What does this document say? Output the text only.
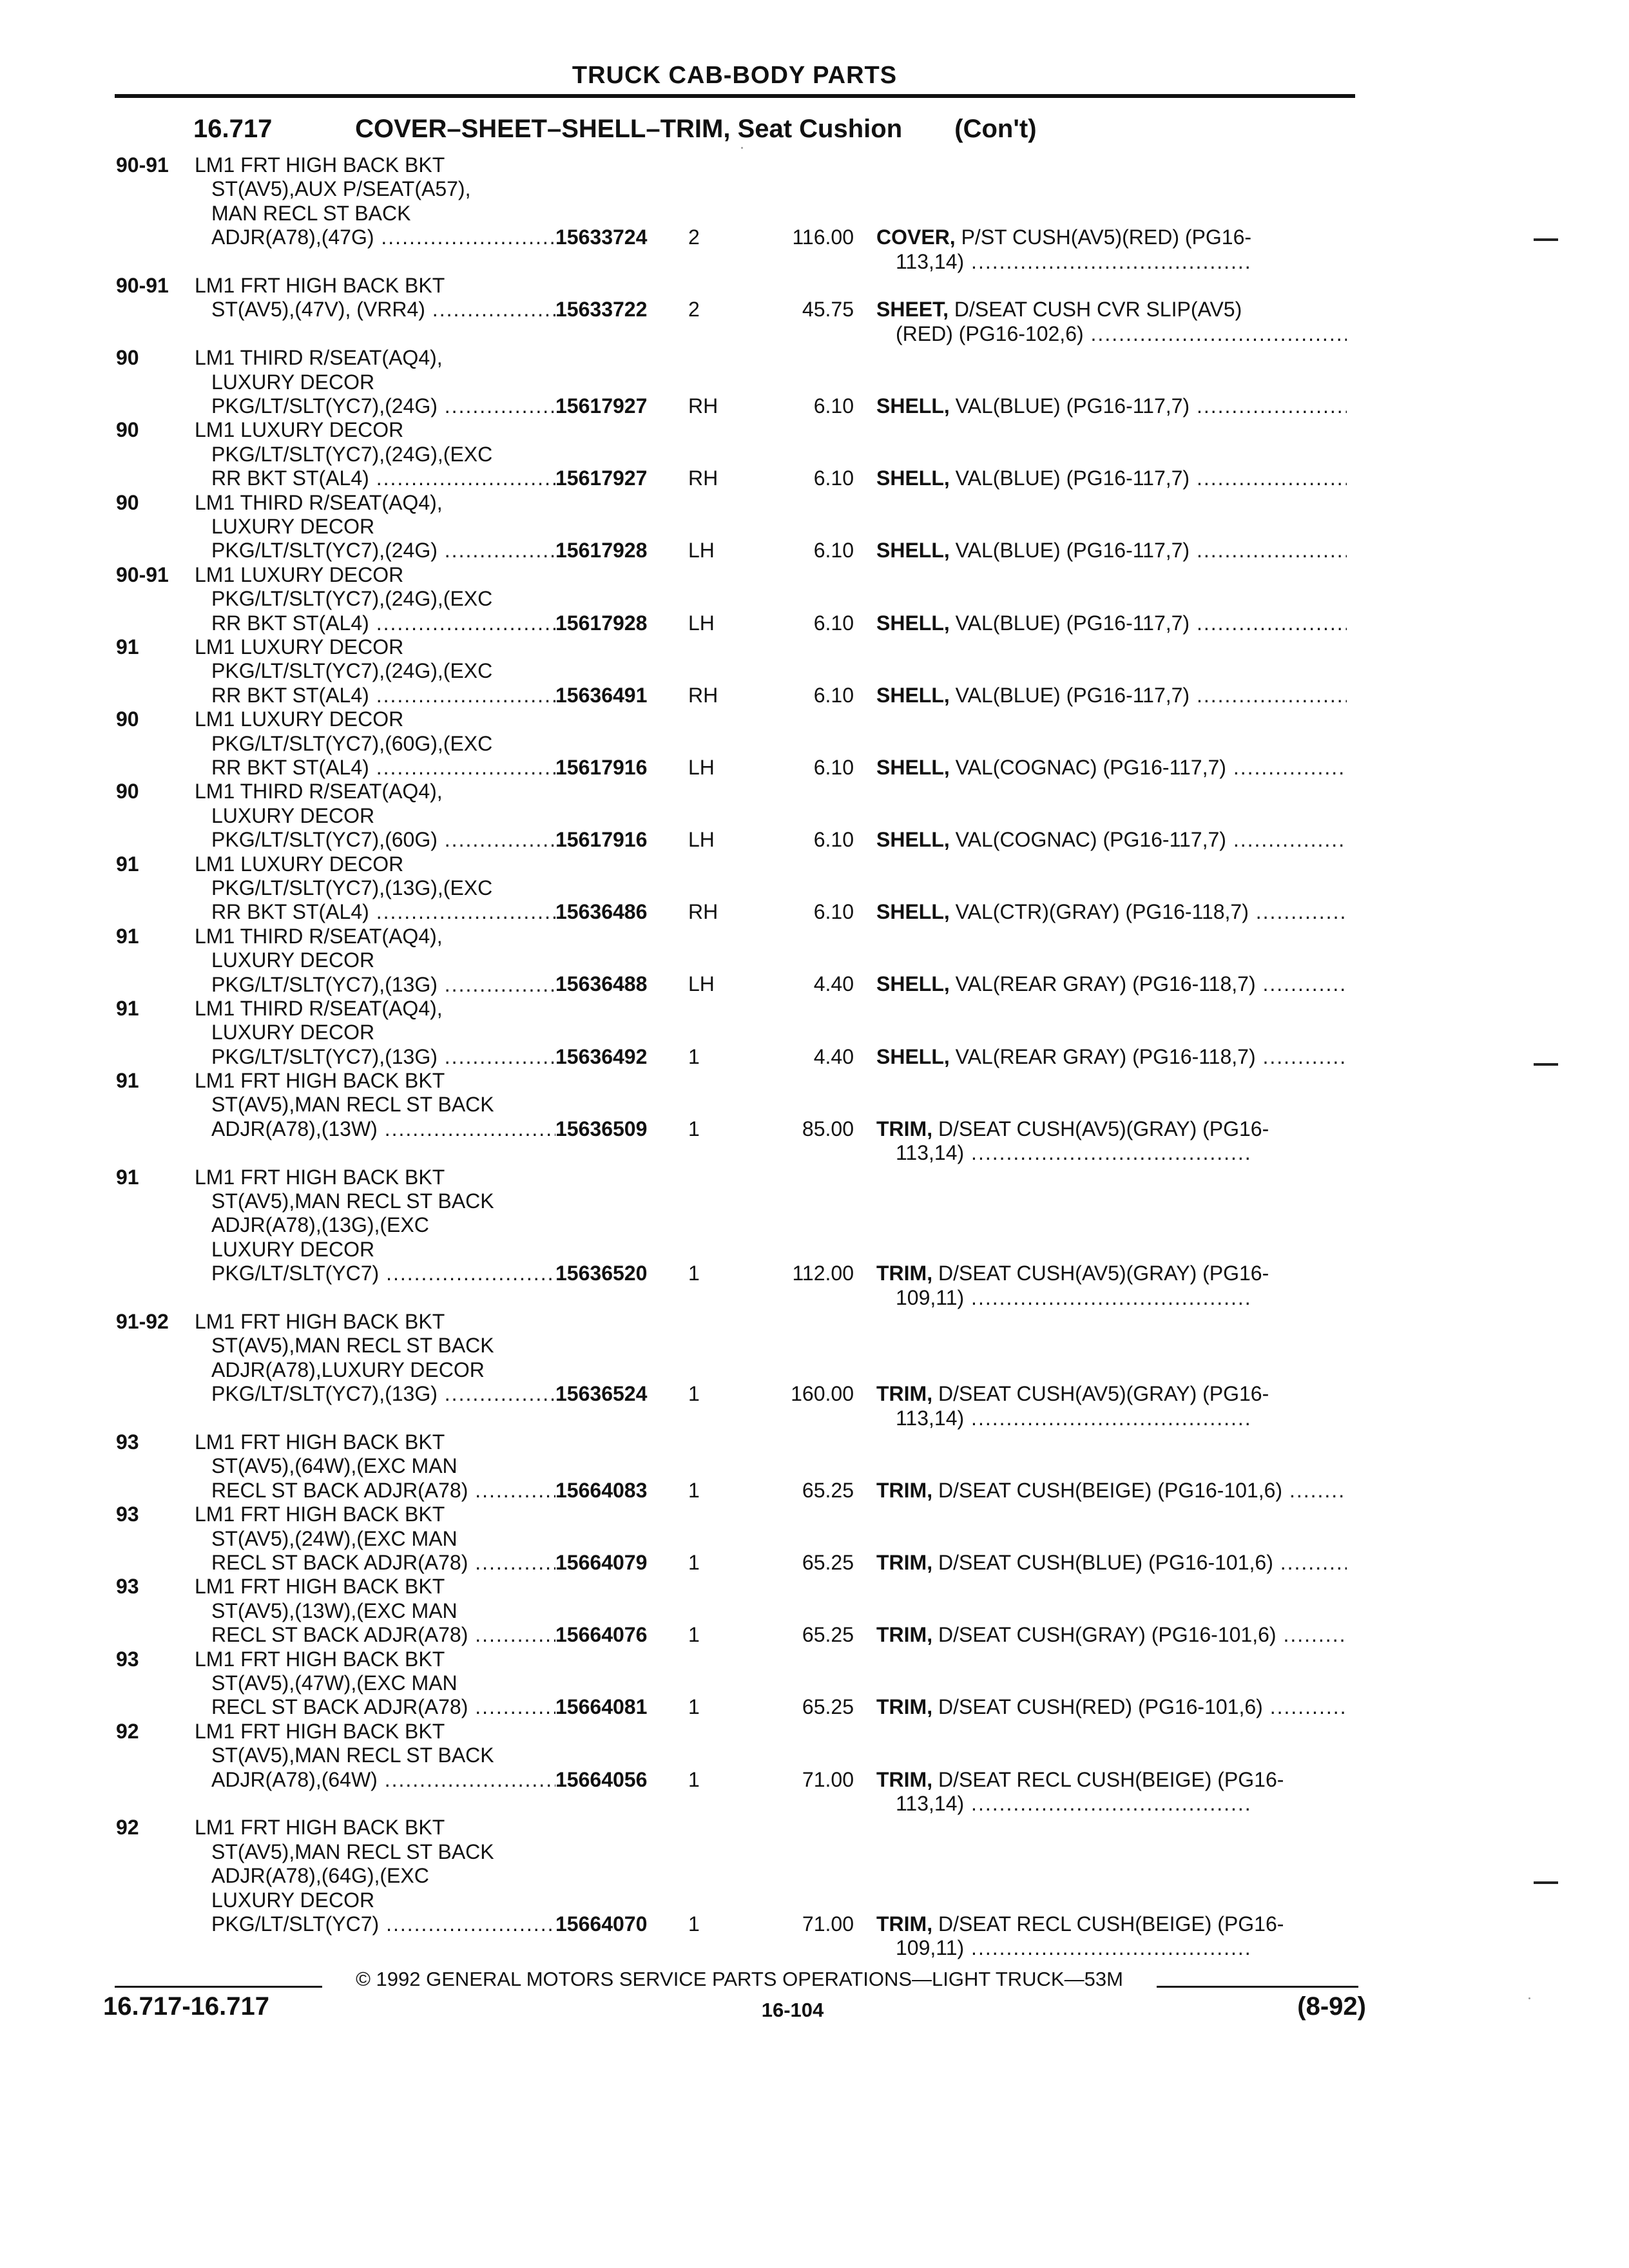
TRUCK CAB-BODY PARTS
16.717	COVER–SHEET–SHELL–TRIM, Seat Cushion (Con't)
90-91 LM1 FRT HIGH BACK BKT
ST(AV5),AUX P/SEAT(A57),
MAN RECL ST BACK
ADJR(A78),(47G) .....	15633724	2	116.00 COVER, P/ST CUSH(AV5)(RED) (PG16-
113,14) .....
90-91 LM1 FRT HIGH BACK BKT
ST(AV5),(47V), (VRR4) .....	15633722	2	45.75 SHEET, D/SEAT CUSH CVR SLIP(AV5)
(RED) (PG16-102,6) .....
90	LM1 THIRD R/SEAT(AQ4),
LUXURY DECOR
PKG/LT/SLT(YC7),(24G) .....	15617927	RH	6.10 SHELL, VAL(BLUE) (PG16-117,7) .....
90	LM1 LUXURY DECOR
PKG/LT/SLT(YC7),(24G),(EXC
RR BKT ST(AL4) .....	15617927	RH	6.10 SHELL, VAL(BLUE) (PG16-117,7) .....
90	LM1 THIRD R/SEAT(AQ4),
LUXURY DECOR
PKG/LT/SLT(YC7),(24G) .....	15617928	LH	6.10 SHELL, VAL(BLUE) (PG16-117,7) .....
90-91 LM1 LUXURY DECOR
PKG/LT/SLT(YC7),(24G),(EXC
RR BKT ST(AL4) .....	15617928	LH	6.10 SHELL, VAL(BLUE) (PG16-117,7) .....
91	LM1 LUXURY DECOR
PKG/LT/SLT(YC7),(24G),(EXC
RR BKT ST(AL4) .....	15636491	RH	6.10 SHELL, VAL(BLUE) (PG16-117,7) .....
90	LM1 LUXURY DECOR
PKG/LT/SLT(YC7),(60G),(EXC
RR BKT ST(AL4) .....	15617916	LH	6.10 SHELL, VAL(COGNAC) (PG16-117,7) .....
90	LM1 THIRD R/SEAT(AQ4),
LUXURY DECOR
PKG/LT/SLT(YC7),(60G) .....	15617916	LH	6.10 SHELL, VAL(COGNAC) (PG16-117,7) .....
91	LM1 LUXURY DECOR
PKG/LT/SLT(YC7),(13G),(EXC
RR BKT ST(AL4) .....	15636486	RH	6.10 SHELL, VAL(CTR)(GRAY) (PG16-118,7) .....
91	LM1 THIRD R/SEAT(AQ4),
LUXURY DECOR
PKG/LT/SLT(YC7),(13G) .....	15636488	LH	4.40 SHELL, VAL(REAR GRAY) (PG16-118,7) .....
91	LM1 THIRD R/SEAT(AQ4),
LUXURY DECOR
PKG/LT/SLT(YC7),(13G) .....	15636492	1	4.40 SHELL, VAL(REAR GRAY) (PG16-118,7) .....
91	LM1 FRT HIGH BACK BKT
ST(AV5),MAN RECL ST BACK
ADJR(A78),(13W) .....	15636509	1	85.00 TRIM, D/SEAT CUSH(AV5)(GRAY) (PG16-
113,14) .....
91	LM1 FRT HIGH BACK BKT
ST(AV5),MAN RECL ST BACK
ADJR(A78),(13G),(EXC
LUXURY DECOR
PKG/LT/SLT(YC7) .....	15636520	1	112.00 TRIM, D/SEAT CUSH(AV5)(GRAY) (PG16-
109,11) .....
91-92 LM1 FRT HIGH BACK BKT
ST(AV5),MAN RECL ST BACK
ADJR(A78),LUXURY DECOR
PKG/LT/SLT(YC7),(13G) .....	15636524	1	160.00 TRIM, D/SEAT CUSH(AV5)(GRAY) (PG16-
113,14) .....
93	LM1 FRT HIGH BACK BKT
ST(AV5),(64W),(EXC MAN
RECL ST BACK ADJR(A78) .....	15664083	1	65.25 TRIM, D/SEAT CUSH(BEIGE) (PG16-101,6) .....
93	LM1 FRT HIGH BACK BKT
ST(AV5),(24W),(EXC MAN
RECL ST BACK ADJR(A78) .....	15664079	1	65.25 TRIM, D/SEAT CUSH(BLUE) (PG16-101,6) .....
93	LM1 FRT HIGH BACK BKT
ST(AV5),(13W),(EXC MAN
RECL ST BACK ADJR(A78) .....	15664076	1	65.25 TRIM, D/SEAT CUSH(GRAY) (PG16-101,6) .....
93	LM1 FRT HIGH BACK BKT
ST(AV5),(47W),(EXC MAN
RECL ST BACK ADJR(A78) .....	15664081	1	65.25 TRIM, D/SEAT CUSH(RED) (PG16-101,6) .....
92	LM1 FRT HIGH BACK BKT
ST(AV5),MAN RECL ST BACK
ADJR(A78),(64W) .....	15664056	1	71.00 TRIM, D/SEAT RECL CUSH(BEIGE) (PG16-
113,14) .....
92	LM1 FRT HIGH BACK BKT
ST(AV5),MAN RECL ST BACK
ADJR(A78),(64G),(EXC
LUXURY DECOR
PKG/LT/SLT(YC7) .....	15664070	1	71.00 TRIM, D/SEAT RECL CUSH(BEIGE) (PG16-
109,11) .....
© 1992 GENERAL MOTORS SERVICE PARTS OPERATIONS—LIGHT TRUCK—53M
16.717-16.717	16-104	(8-92)
